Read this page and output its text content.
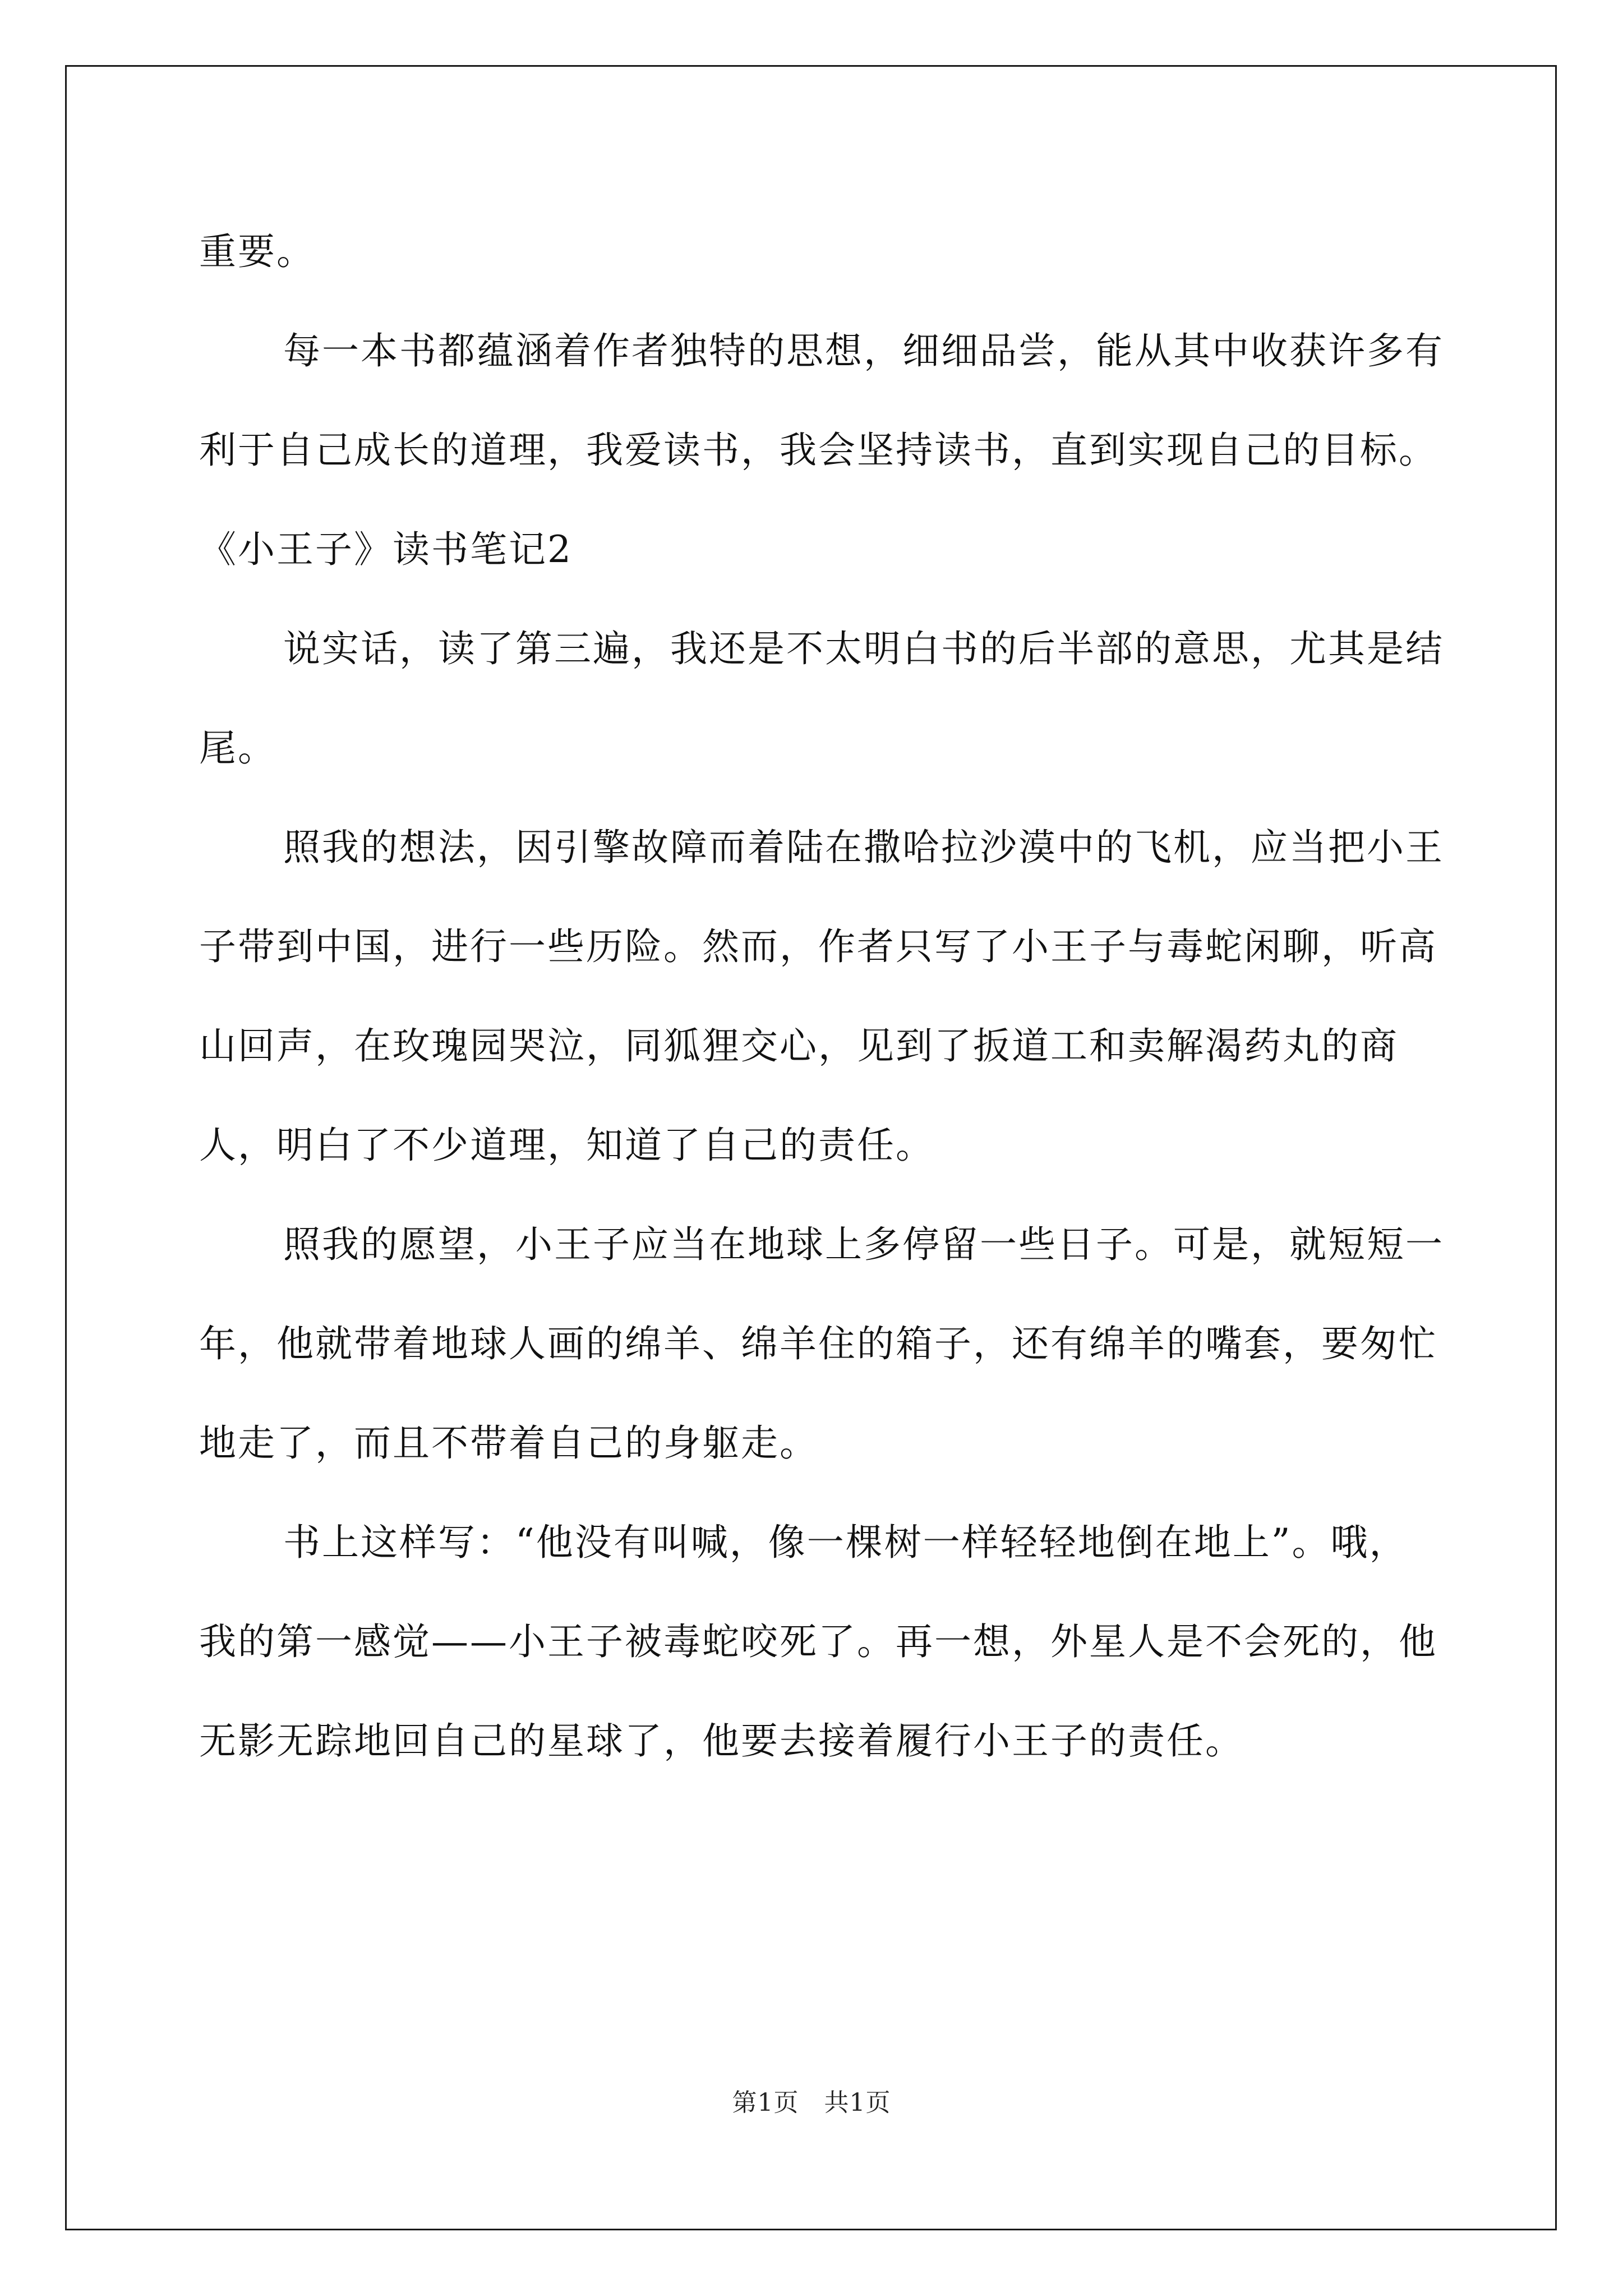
重要。

每一本书都蕴涵着作者独特的思想，细细品尝，能从其中收获许多有利于自己成长的道理，我爱读书，我会坚持读书，直到实现自己的目标。

《小王子》读书笔记2

说实话，读了第三遍，我还是不太明白书的后半部的意思，尤其是结尾。

照我的想法，因引擎故障而着陆在撒哈拉沙漠中的飞机，应当把小王子带到中国，进行一些历险。然而，作者只写了小王子与毒蛇闲聊，听高山回声，在玫瑰园哭泣，同狐狸交心，见到了扳道工和卖解渴药丸的商人，明白了不少道理，知道了自己的责任。

照我的愿望，小王子应当在地球上多停留一些日子。可是，就短短一年，他就带着地球人画的绵羊、绵羊住的箱子，还有绵羊的嘴套，要匆忙地走了，而且不带着自己的身躯走。

书上这样写：“他没有叫喊，像一棵树一样轻轻地倒在地上”。哦，我的第一感觉——小王子被毒蛇咬死了。再一想，外星人是不会死的，他无影无踪地回自己的星球了，他要去接着履行小王子的责任。

第1页　共1页
